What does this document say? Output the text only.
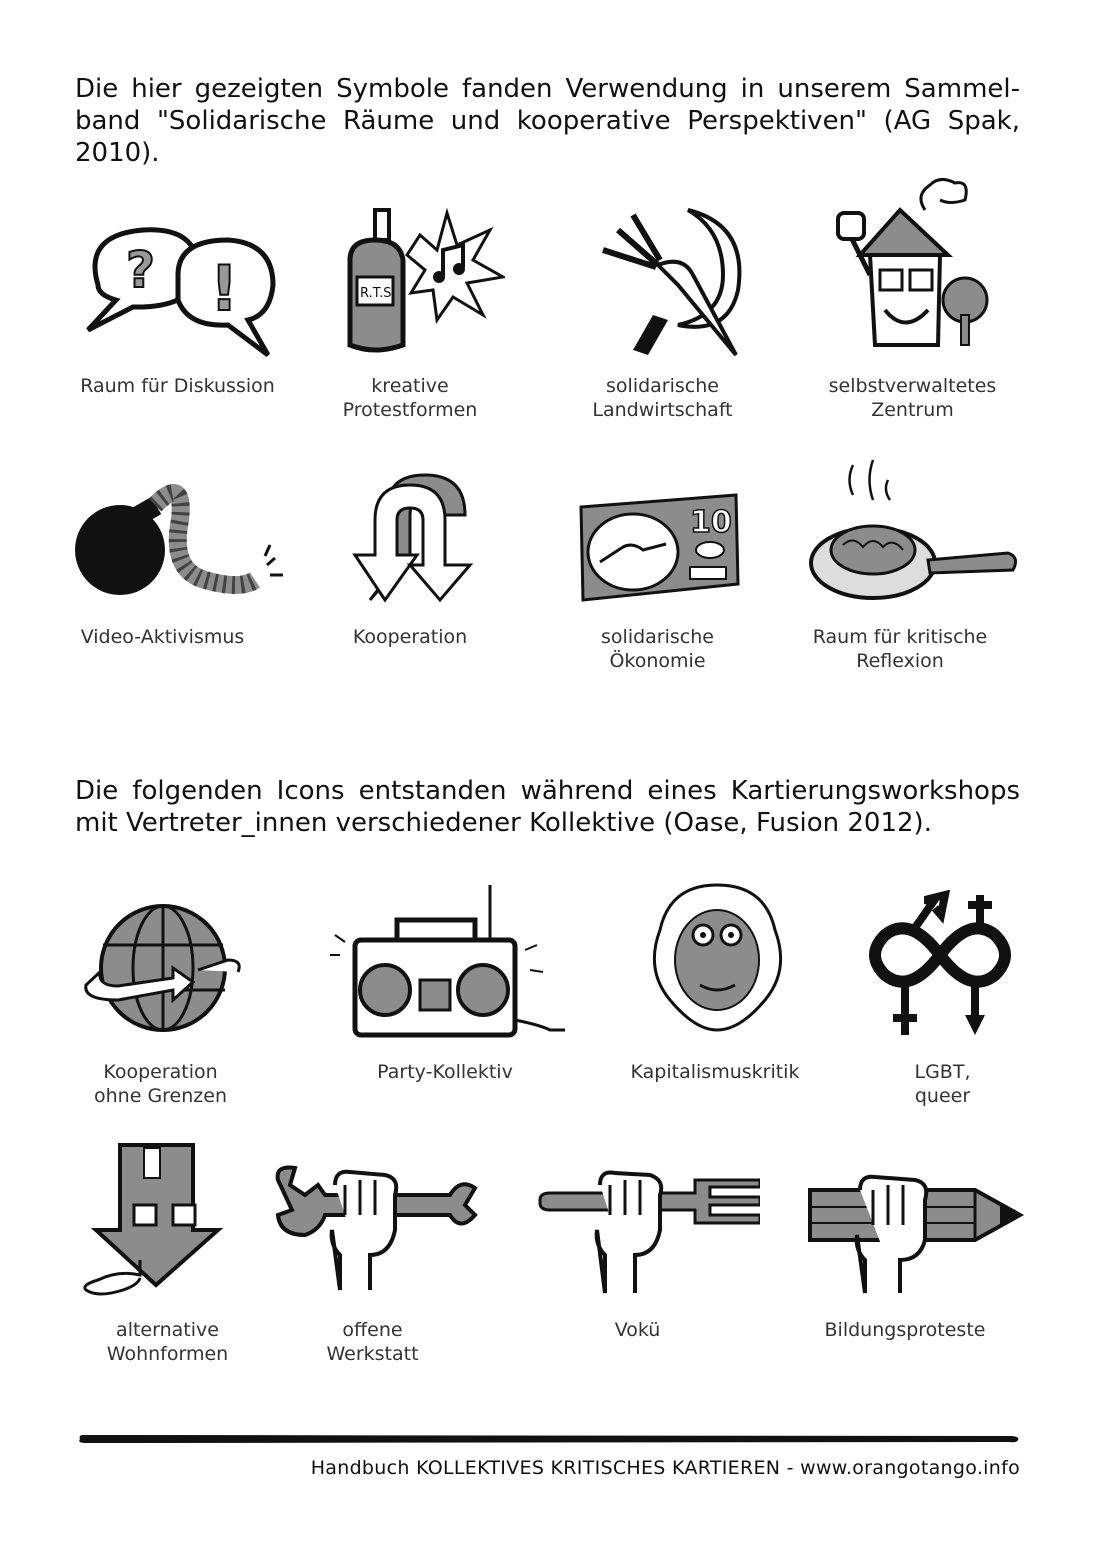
Die hier gezeigten Symbole fanden Verwendung in unserem Sammel-band "Solidarische Räume und kooperative Perspektiven" (AG Spak, 2010).

? !	R.T.S.
Raum für Diskussion	kreative
Protestformen
solidarische
Landwirtschaft
selbstverwaltetes
Zentrum
10
Video-Aktivismus	Kooperation	solidarische
Ökonomie
Raum für kritische
Reflexion

Die folgenden Icons entstanden während eines Kartierungsworkshops mit Vertreter_innen verschiedener Kollektive (Oase, Fusion 2012).

Kooperation
ohne Grenzen
Party-Kollektiv	Kapitalismuskritik	LGBT,
queer
alternative
Wohnformen
offene
Werkstatt
Vokü	Bildungsproteste
Handbuch KOLLEKTIVES KRITISCHES KARTIEREN - www.orangotango.info
